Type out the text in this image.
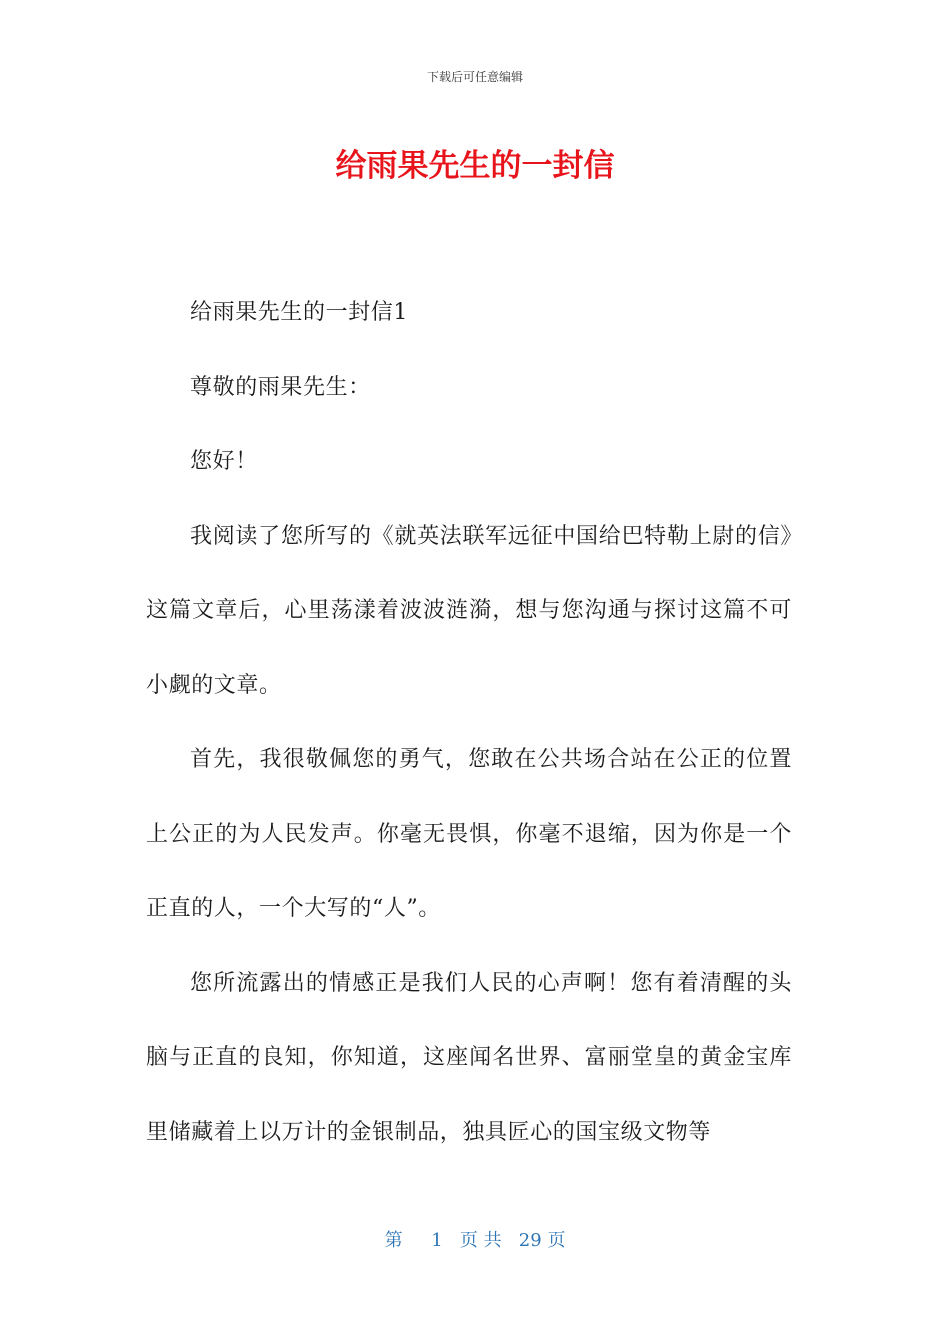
下载后可任意编辑
给雨果先生的一封信

给雨果先生的一封信1

尊敬的雨果先生：

您好！

我阅读了您所写的《就英法联军远征中国给巴特勒上尉的信》这篇文章后，心里荡漾着波波涟漪，想与您沟通与探讨这篇不可小觑的文章。

首先，我很敬佩您的勇气，您敢在公共场合站在公正的位置上公正的为人民发声。你毫无畏惧，你毫不退缩，因为你是一个正直的人，一个大写的“人”。

您所流露出的情感正是我们人民的心声啊！您有着清醒的头脑与正直的良知，你知道，这座闻名世界、富丽堂皇的黄金宝库里储藏着上以万计的金银制品，独具匠心的国宝级文物等

第 1 页 共 29 页
